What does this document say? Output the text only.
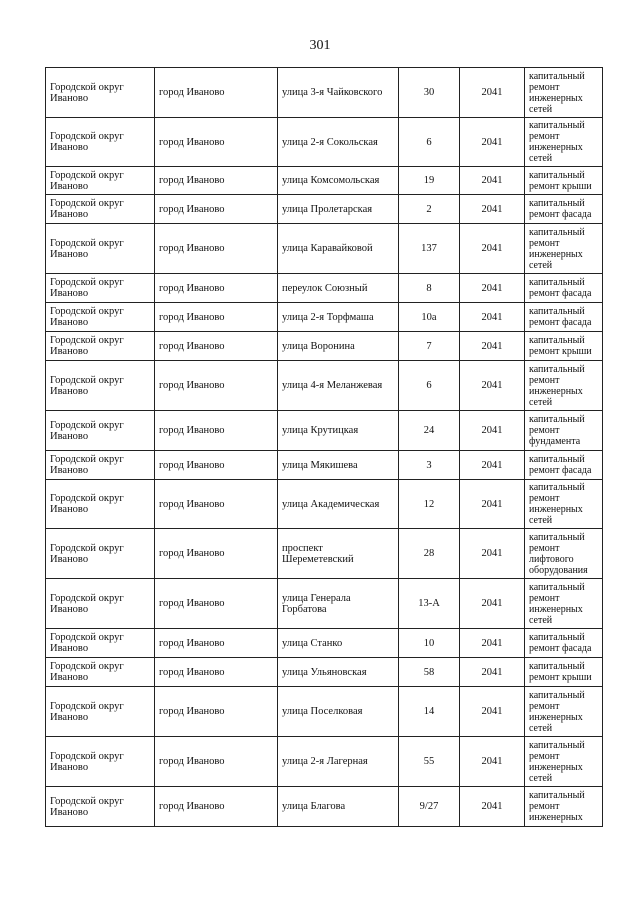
301
Городской округ Иваново	город Иваново	улица 3-я Чайковского	30	2041	капитальный ремонт инженерных сетей
Городской округ Иваново	город Иваново	улица 2-я Сокольская	6	2041	капитальный ремонт инженерных сетей
Городской округ Иваново	город Иваново	улица Комсомольская	19	2041	капитальный ремонт крыши
Городской округ Иваново	город Иваново	улица Пролетарская	2	2041	капитальный ремонт фасада
Городской округ Иваново	город Иваново	улица Каравайковой	137	2041	капитальный ремонт инженерных сетей
Городской округ Иваново	город Иваново	переулок Союзный	8	2041	капитальный ремонт фасада
Городской округ Иваново	город Иваново	улица 2-я Торфмаша	10а	2041	капитальный ремонт фасада
Городской округ Иваново	город Иваново	улица Воронина	7	2041	капитальный ремонт крыши
Городской округ Иваново	город Иваново	улица 4-я Меланжевая	6	2041	капитальный ремонт инженерных сетей
Городской округ Иваново	город Иваново	улица Крутицкая	24	2041	капитальный ремонт фундамента
Городской округ Иваново	город Иваново	улица Мякишева	3	2041	капитальный ремонт фасада
Городской округ Иваново	город Иваново	улица Академическая	12	2041	капитальный ремонт инженерных сетей
Городской округ Иваново	город Иваново	проспект Шереметевский	28	2041	капитальный ремонт лифтового оборудования
Городской округ Иваново	город Иваново	улица Генерала Горбатова	13-А	2041	капитальный ремонт инженерных сетей
Городской округ Иваново	город Иваново	улица Станко	10	2041	капитальный ремонт фасада
Городской округ Иваново	город Иваново	улица Ульяновская	58	2041	капитальный ремонт крыши
Городской округ Иваново	город Иваново	улица Поселковая	14	2041	капитальный ремонт инженерных сетей
Городской округ Иваново	город Иваново	улица 2-я Лагерная	55	2041	капитальный ремонт инженерных сетей
Городской округ Иваново	город Иваново	улица Благова	9/27	2041	капитальный ремонт инженерных
